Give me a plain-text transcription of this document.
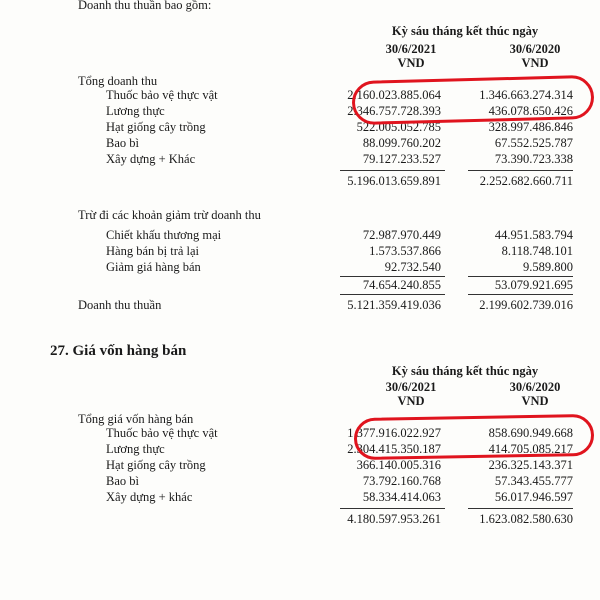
Doanh thu thuần bao gồm:
Kỳ sáu tháng kết thúc ngày
30/6/2021
VND
30/6/2020
VND
Tổng doanh thu
Thuốc bảo vệ thực vật	2.160.023.885.064	1.346.663.274.314
Lương thực	2.346.757.728.393	436.078.650.426
Hạt giống cây trồng	522.005.052.785	328.997.486.846
Bao bì	88.099.760.202	67.552.525.787
Xây dựng + Khác	79.127.233.527	73.390.723.338
5.196.013.659.891	2.252.682.660.711
Trừ đi các khoản giảm trừ doanh thu
Chiết khấu thương mại	72.987.970.449	44.951.583.794
Hàng bán bị trả lại	1.573.537.866	8.118.748.101
Giảm giá hàng bán	92.732.540	9.589.800
74.654.240.855	53.079.921.695
Doanh thu thuần	5.121.359.419.036	2.199.602.739.016
27. Giá vốn hàng bán
Kỳ sáu tháng kết thúc ngày
30/6/2021
VND
30/6/2020
VND
Tổng giá vốn hàng bán
Thuốc bảo vệ thực vật	1.377.916.022.927	858.690.949.668
Lương thực	2.304.415.350.187	414.705.085.217
Hạt giống cây trồng	366.140.005.316	236.325.143.371
Bao bì	73.792.160.768	57.343.455.777
Xây dựng + khác	58.334.414.063	56.017.946.597
4.180.597.953.261	1.623.082.580.630
